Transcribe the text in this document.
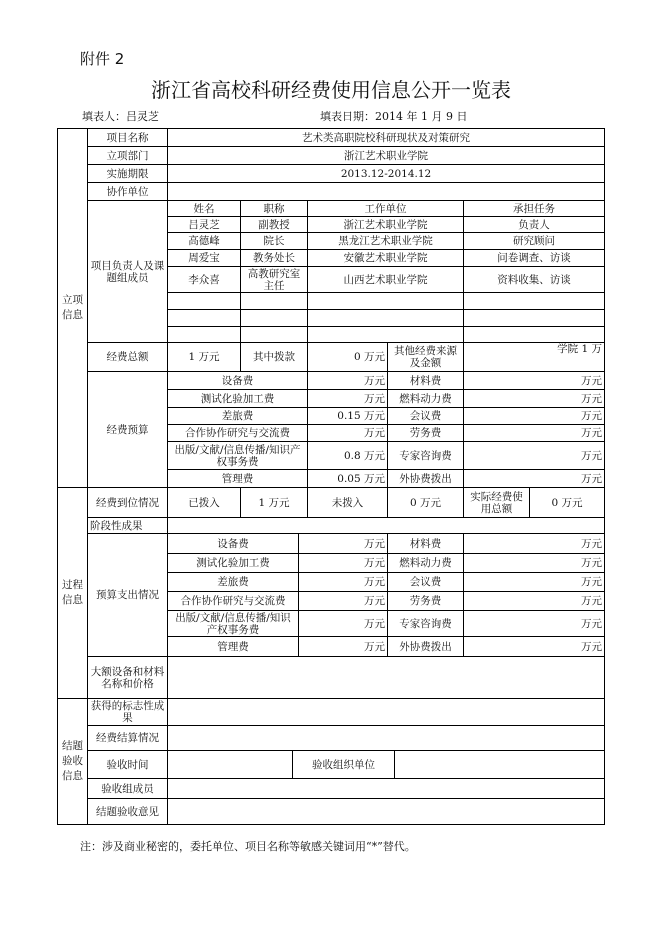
附件 2
浙江省高校科研经费使用信息公开一览表
填表人：吕灵芝	填表日期：2014 年 1 月 9 日
立项信息	项目名称	艺术类高职院校科研现状及对策研究								
	立项部门	浙江艺术职业学院								
	实施期限	2013.12-2014.12								
	协作单位									
	项目负责人及课题组成员	姓名	职称			工作单位			承担任务	
		吕灵芝	副教授			浙江艺术职业学院			负责人	
		高德峰	院长			黑龙江艺术职业学院			研究顾问	
		周爱宝	教务处长			安徽艺术职业学院			问卷调查、访谈	
		李众喜	高教研究室主任			山西艺术职业学院			资料收集、访谈	

	经费总额	1 万元	其中拨款			0 万元	其他经费来源及金额		学院 1 万	
	经费预算	设备费				万元	材料费		万元	
		测试化验加工费				万元	燃料动力费		万元	
		差旅费				0.15 万元	会议费		万元	
		合作协作研究与交流费				万元	劳务费		万元	
		出版/文献/信息传播/知识产权事务费				0.8 万元	专家咨询费		万元	
		管理费				0.05 万元	外协费拨出		万元	
过程信息	经费到位情况	已拨入	1 万元			未拨入	0 万元		实际经费使用总额	0 万元
	阶段性成果									
	预算支出情况	设备费			万元		材料费		万元	
		测试化验加工费			万元		燃料动力费		万元	
		差旅费			万元		会议费		万元	
		合作协作研究与交流费			万元		劳务费		万元	
		出版/文献/信息传播/知识产权事务费			万元		专家咨询费		万元	
		管理费			万元		外协费拨出		万元	
	大额设备和材料名称和价格									
结题验收信息	获得的标志性成果									
	经费结算情况									
	验收时间			验收组织单位						
	验收组成员									
	结题验收意见									
注：涉及商业秘密的，委托单位、项目名称等敏感关键词用“*”替代。
